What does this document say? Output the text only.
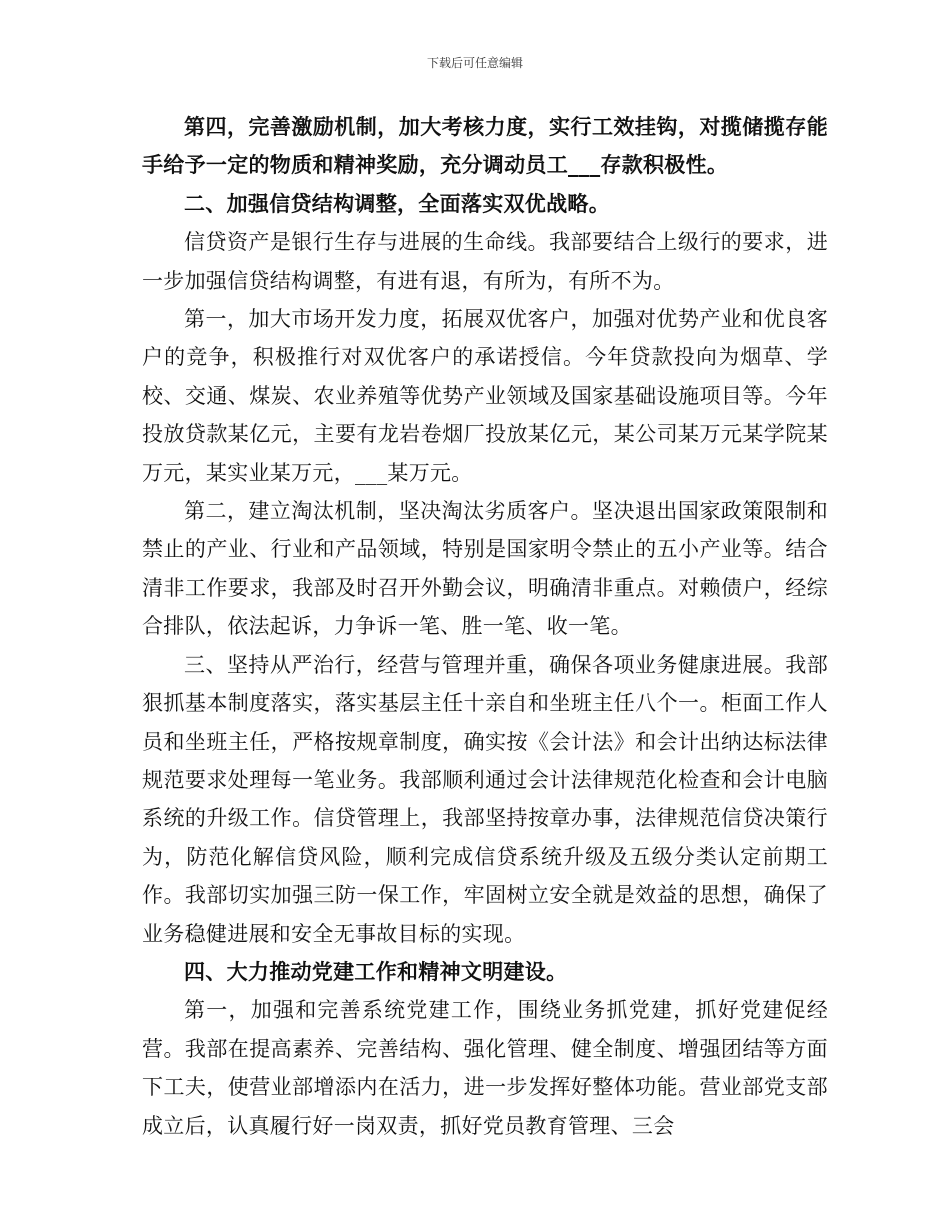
下载后可任意编辑

第四，完善激励机制，加大考核力度，实行工效挂钩，对揽储揽存能手给予一定的物质和精神奖励，充分调动员工___存款积极性。

二、加强信贷结构调整，全面落实双优战略。

信贷资产是银行生存与进展的生命线。我部要结合上级行的要求，进一步加强信贷结构调整，有进有退，有所为，有所不为。

第一，加大市场开发力度，拓展双优客户，加强对优势产业和优良客户的竞争，积极推行对双优客户的承诺授信。今年贷款投向为烟草、学校、交通、煤炭、农业养殖等优势产业领域及国家基础设施项目等。今年投放贷款某亿元，主要有龙岩卷烟厂投放某亿元，某公司某万元某学院某万元，某实业某万元，___某万元。

第二，建立淘汰机制，坚决淘汰劣质客户。坚决退出国家政策限制和禁止的产业、行业和产品领域，特别是国家明令禁止的五小产业等。结合清非工作要求，我部及时召开外勤会议，明确清非重点。对赖债户，经综合排队，依法起诉，力争诉一笔、胜一笔、收一笔。

三、坚持从严治行，经营与管理并重，确保各项业务健康进展。我部狠抓基本制度落实，落实基层主任十亲自和坐班主任八个一。柜面工作人员和坐班主任，严格按规章制度，确实按《会计法》和会计出纳达标法律规范要求处理每一笔业务。我部顺利通过会计法律规范化检查和会计电脑系统的升级工作。信贷管理上，我部坚持按章办事，法律规范信贷决策行为，防范化解信贷风险，顺利完成信贷系统升级及五级分类认定前期工作。我部切实加强三防一保工作，牢固树立安全就是效益的思想，确保了业务稳健进展和安全无事故目标的实现。

四、大力推动党建工作和精神文明建设。

第一，加强和完善系统党建工作，围绕业务抓党建，抓好党建促经营。我部在提高素养、完善结构、强化管理、健全制度、增强团结等方面下工夫，使营业部增添内在活力，进一步发挥好整体功能。营业部党支部成立后，认真履行好一岗双责，抓好党员教育管理、三会
